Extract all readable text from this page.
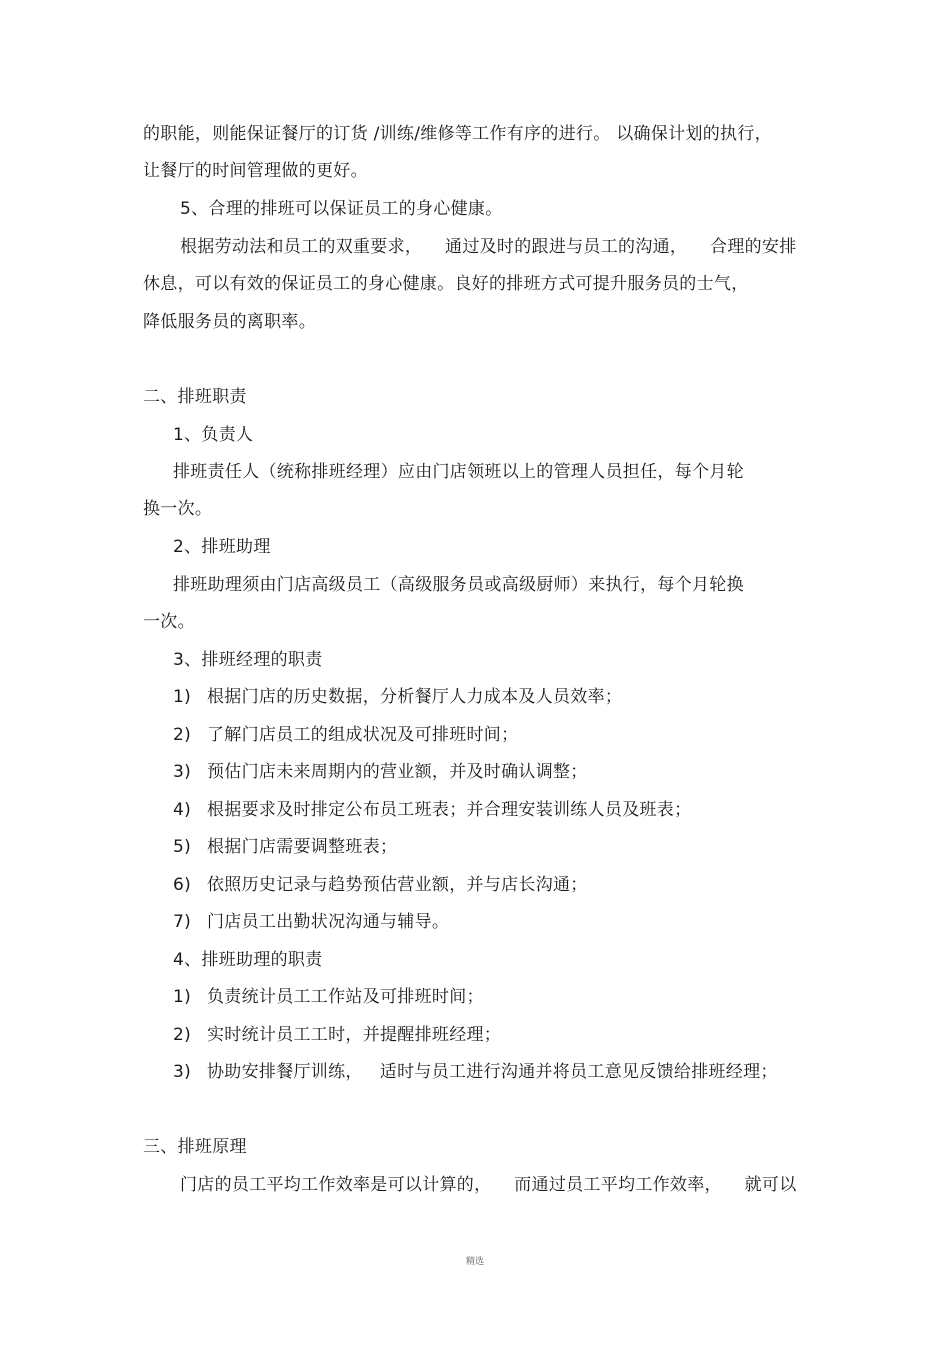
的职能，则能保证餐厅的订货 /训练/维修等工作有序的进行。 以确保计划的执行，
让餐厅的时间管理做的更好。
5、合理的排班可以保证员工的身心健康。
根据劳动法和员工的双重要求，    通过及时的跟进与员工的沟通，    合理的安排
休息，可以有效的保证员工的身心健康。良好的排班方式可提升服务员的士气，
降低服务员的离职率。
二、排班职责
1、负责人
排班责任人（统称排班经理）应由门店领班以上的管理人员担任，每个月轮
换一次。
2、排班助理
排班助理须由门店高级员工（高级服务员或高级厨师）来执行，每个月轮换
一次。
3、排班经理的职责
1) 根据门店的历史数据，分析餐厅人力成本及人员效率；
2) 了解门店员工的组成状况及可排班时间；
3) 预估门店未来周期内的营业额，并及时确认调整；
4) 根据要求及时排定公布员工班表；并合理安装训练人员及班表；
5) 根据门店需要调整班表；
6) 依照历史记录与趋势预估营业额，并与店长沟通；
7) 门店员工出勤状况沟通与辅导。
4、排班助理的职责
1) 负责统计员工工作站及可排班时间；
2) 实时统计员工工时，并提醒排班经理；
3) 协助安排餐厅训练，   适时与员工进行沟通并将员工意见反馈给排班经理；
三、排班原理
门店的员工平均工作效率是可以计算的，    而通过员工平均工作效率，    就可以
精选
